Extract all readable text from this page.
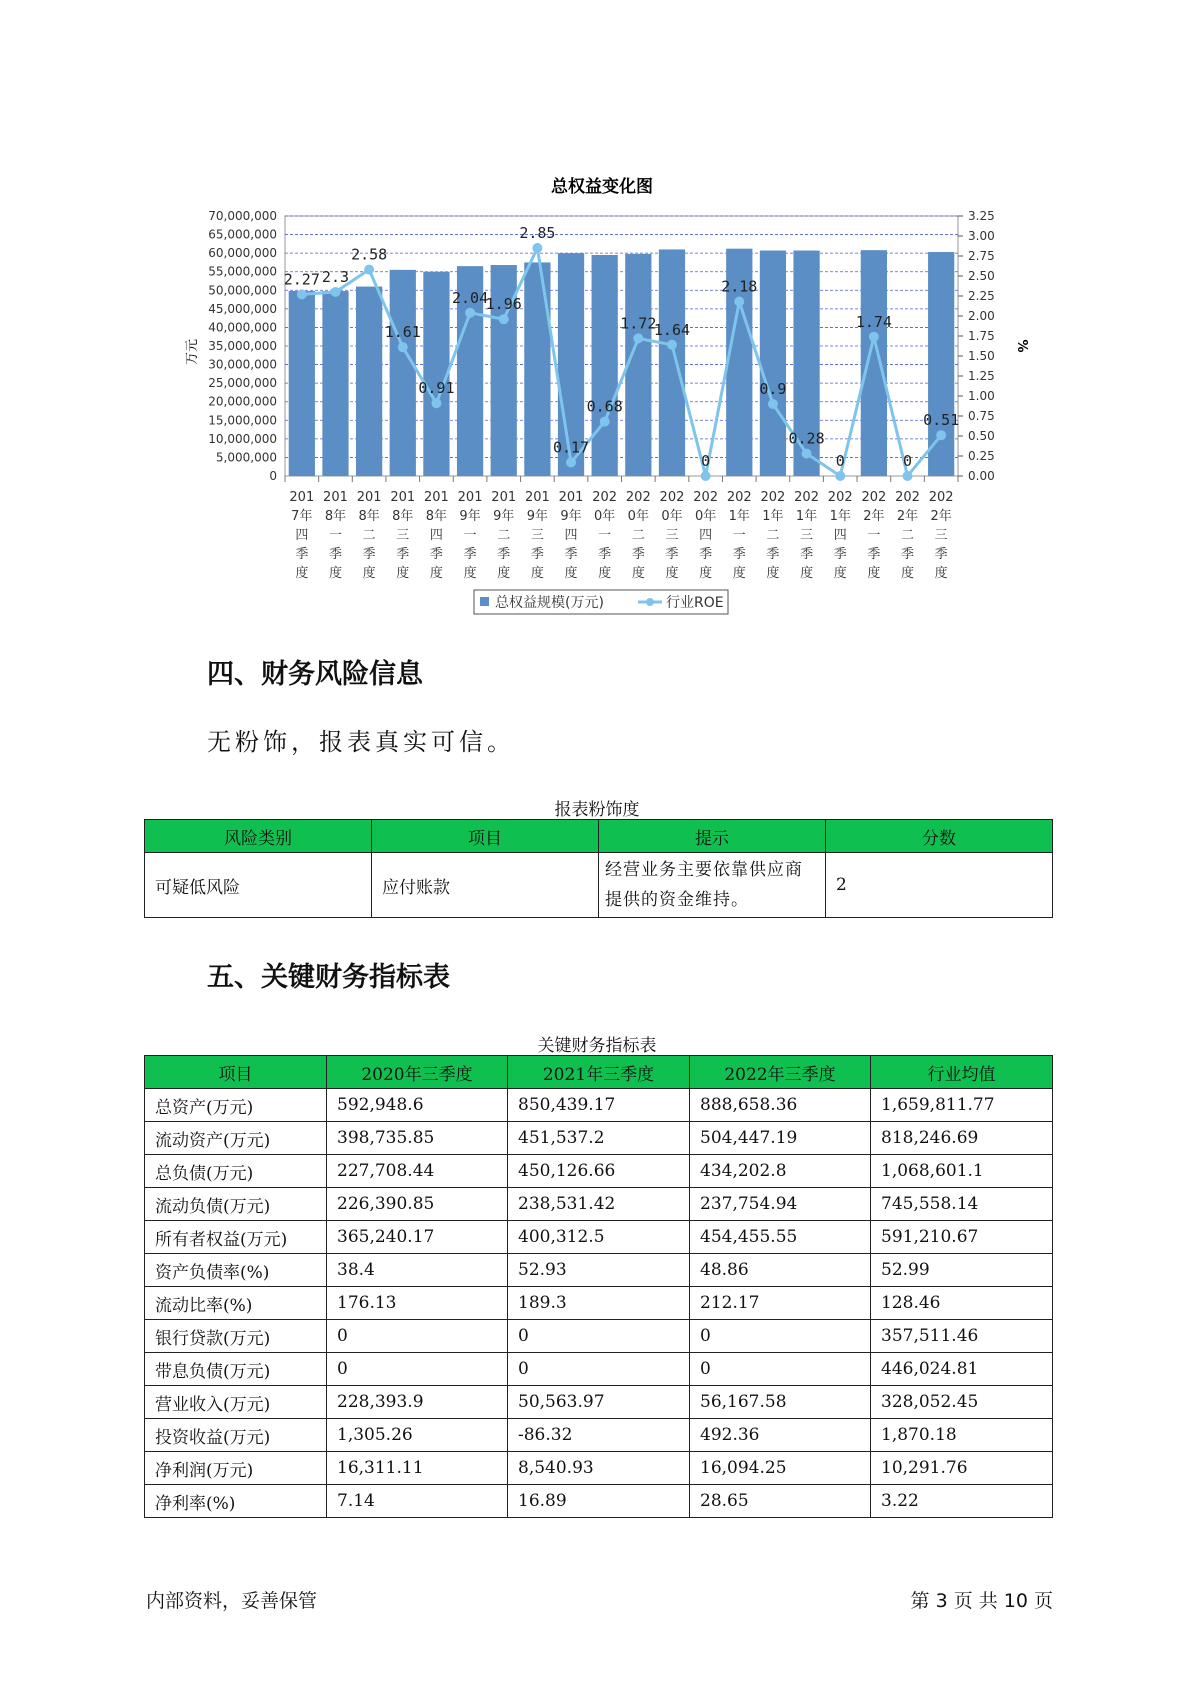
总权益变化图
0
5,000,000
10,000,000
15,000,000
20,000,000
25,000,000
30,000,000
35,000,000
40,000,000
45,000,000
50,000,000
55,000,000
60,000,000
65,000,000
70,000,000
0.00
0.25
0.50
0.75
1.00
1.25
1.50
1.75
2.00
2.25
2.50
2.75
3.00
3.25
万元	%
2.27 2.3
2.58
1.61
0.91
2.04
1.96
2.85
0.17
0.68
1.72
1.64
0
2.18
0.9
0.28
0
1.74
0
0.51
201
7年
四
季
度
201
8年
一
季
度
201
8年
二
季
度
201
8年
三
季
度
201
8年
四
季
度
201
9年
一
季
度
201
9年
二
季
度
201
9年
三
季
度
201
9年
四
季
度
202
0年
一
季
度
202
0年
二
季
度
202
0年
三
季
度
202
0年
四
季
度
202
1年
一
季
度
202
1年
二
季
度
202
1年
三
季
度
202
1年
四
季
度
202
2年
一
季
度
202
2年
二
季
度
202
2年
三
季
度
总权益规模(万元)	行业ROE
四、财务风险信息
无粉饰，报表真实可信。
报表粉饰度
风险类别	项目	提示	分数
可疑低风险	应付账款	经营业务主要依靠供应商提供的资金维持。	2
五、关键财务指标表
关键财务指标表
项目	2020年三季度	2021年三季度	2022年三季度	行业均值
总资产(万元)	592,948.6	850,439.17	888,658.36	1,659,811.77
流动资产(万元)	398,735.85	451,537.2	504,447.19	818,246.69
总负债(万元)	227,708.44	450,126.66	434,202.8	1,068,601.1
流动负债(万元)	226,390.85	238,531.42	237,754.94	745,558.14
所有者权益(万元)	365,240.17	400,312.5	454,455.55	591,210.67
资产负债率(%)	38.4	52.93	48.86	52.99
流动比率(%)	176.13	189.3	212.17	128.46
银行贷款(万元)	0	0	0	357,511.46
带息负债(万元)	0	0	0	446,024.81
营业收入(万元)	228,393.9	50,563.97	56,167.58	328,052.45
投资收益(万元)	1,305.26	-86.32	492.36	1,870.18
净利润(万元)	16,311.11	8,540.93	16,094.25	10,291.76
净利率(%)	7.14	16.89	28.65	3.22
内部资料，妥善保管	第 3 页 共 10 页
